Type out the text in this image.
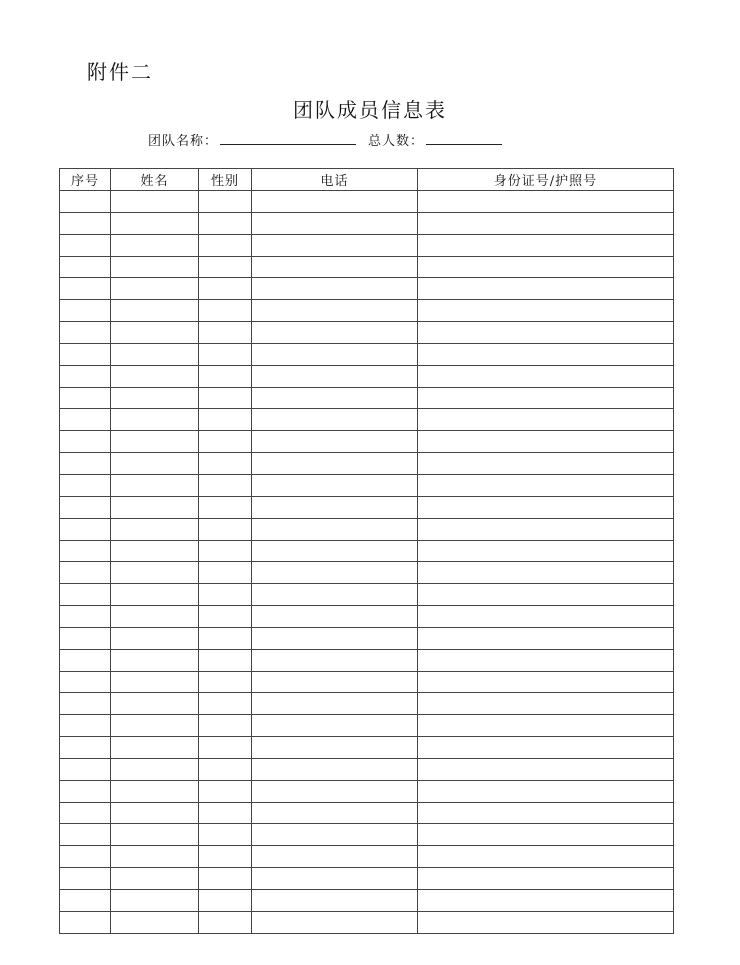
附件二
团队成员信息表
团队名称：	总人数：
序号	姓名	性别	电话	身份证号/护照号
